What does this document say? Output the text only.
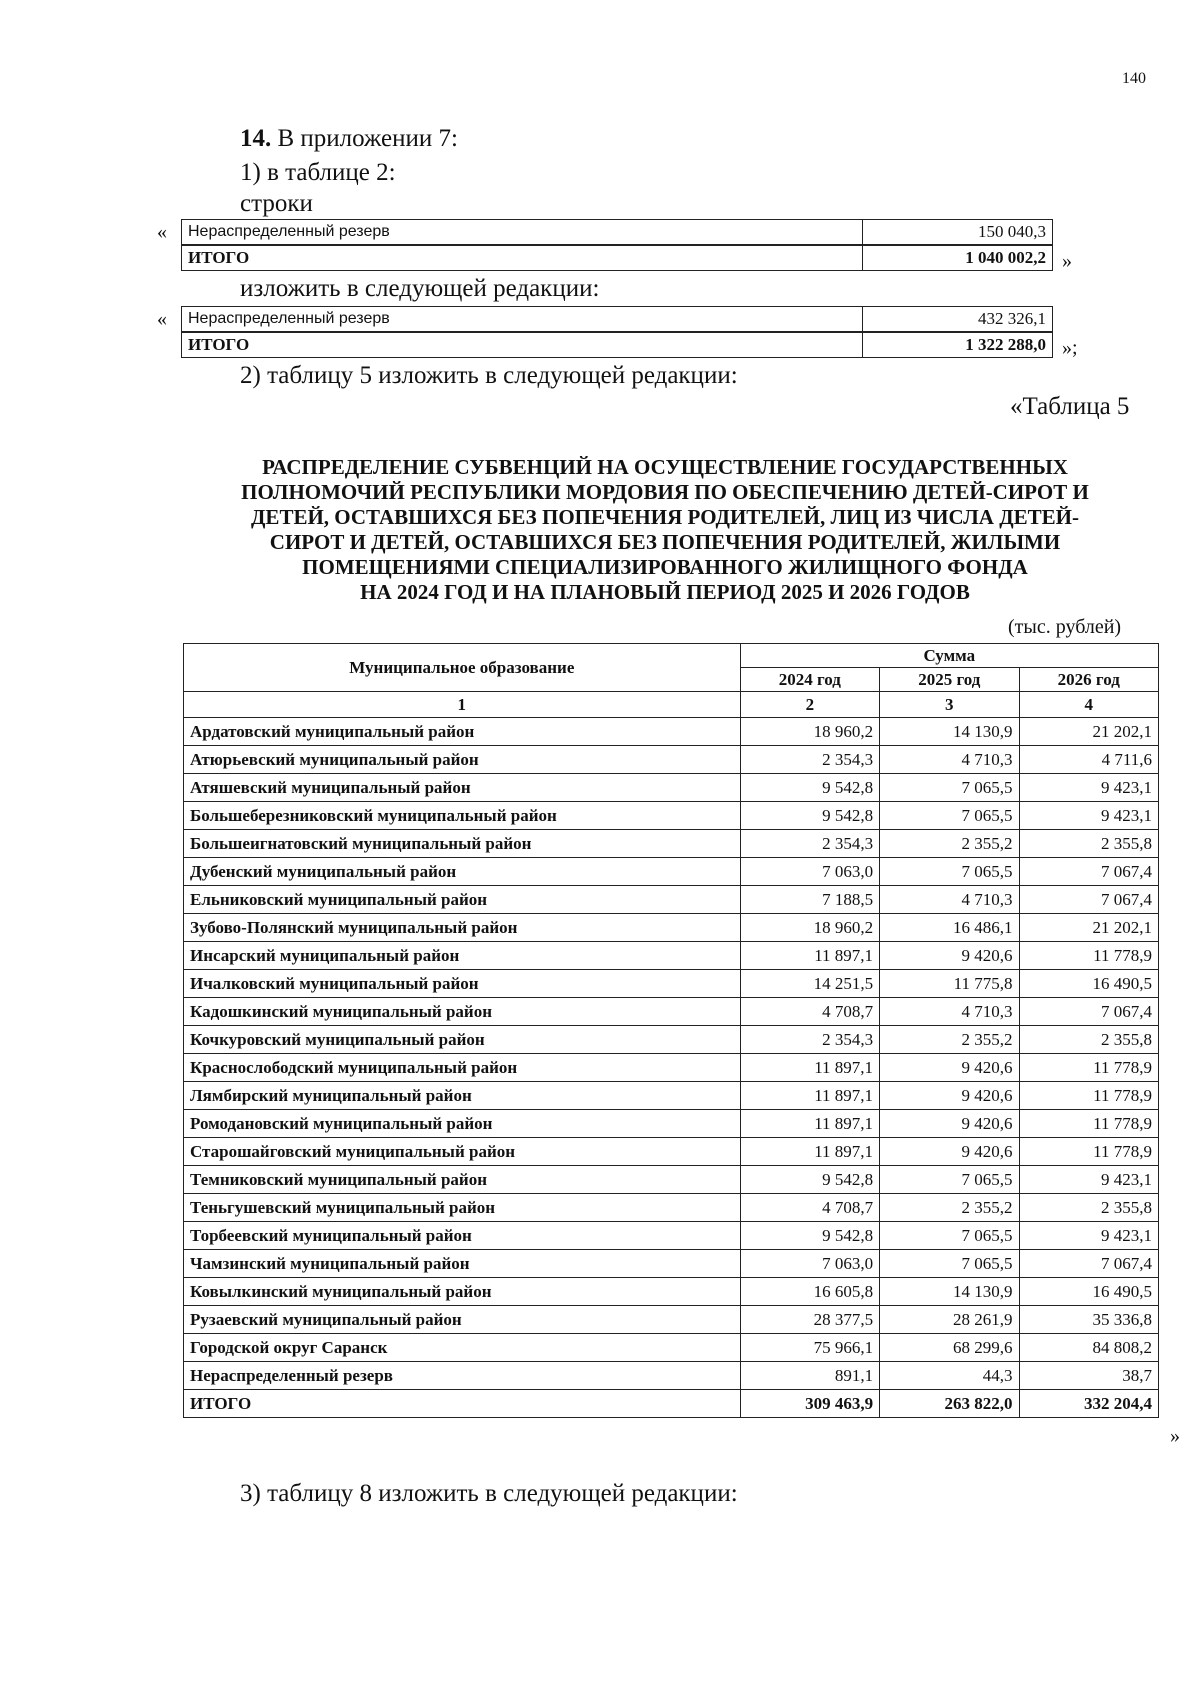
140
14. В приложении 7:
1) в таблице 2:
строки
« Нераспределенный резерв	150 040,3
ИТОГО	1 040 002,2 »
изложить в следующей редакции:
« Нераспределенный резерв	432 326,1
ИТОГО	1 322 288,0 »;
2) таблицу 5 изложить в следующей редакции:
«Таблица 5
РАСПРЕДЕЛЕНИЕ СУБВЕНЦИЙ НА ОСУЩЕСТВЛЕНИЕ ГОСУДАРСТВЕННЫХ
ПОЛНОМОЧИЙ РЕСПУБЛИКИ МОРДОВИЯ ПО ОБЕСПЕЧЕНИЮ ДЕТЕЙ-СИРОТ И
ДЕТЕЙ, ОСТАВШИХСЯ БЕЗ ПОПЕЧЕНИЯ РОДИТЕЛЕЙ, ЛИЦ ИЗ ЧИСЛА ДЕТЕЙ-
СИРОТ И ДЕТЕЙ, ОСТАВШИХСЯ БЕЗ ПОПЕЧЕНИЯ РОДИТЕЛЕЙ, ЖИЛЫМИ
ПОМЕЩЕНИЯМИ СПЕЦИАЛИЗИРОВАННОГО ЖИЛИЩНОГО ФОНДА
НА 2024 ГОД И НА ПЛАНОВЫЙ ПЕРИОД 2025 И 2026 ГОДОВ
(тыс. рублей)
Муниципальное образование	Сумма		
	2024 год	2025 год	2026 год
1	2	3	4
Ардатовский муниципальный район	18 960,2	14 130,9	21 202,1
Атюрьевский муниципальный район	2 354,3	4 710,3	4 711,6
Атяшевский муниципальный район	9 542,8	7 065,5	9 423,1
Большеберезниковский муниципальный район	9 542,8	7 065,5	9 423,1
Большеигнатовский муниципальный район	2 354,3	2 355,2	2 355,8
Дубенский муниципальный район	7 063,0	7 065,5	7 067,4
Ельниковский муниципальный район	7 188,5	4 710,3	7 067,4
Зубово-Полянский муниципальный район	18 960,2	16 486,1	21 202,1
Инсарский муниципальный район	11 897,1	9 420,6	11 778,9
Ичалковский муниципальный район	14 251,5	11 775,8	16 490,5
Кадошкинский муниципальный район	4 708,7	4 710,3	7 067,4
Кочкуровский муниципальный район	2 354,3	2 355,2	2 355,8
Краснослободский муниципальный район	11 897,1	9 420,6	11 778,9
Лямбирский муниципальный район	11 897,1	9 420,6	11 778,9
Ромодановский муниципальный район	11 897,1	9 420,6	11 778,9
Старошайговский муниципальный район	11 897,1	9 420,6	11 778,9
Темниковский муниципальный район	9 542,8	7 065,5	9 423,1
Теньгушевский муниципальный район	4 708,7	2 355,2	2 355,8
Торбеевский муниципальный район	9 542,8	7 065,5	9 423,1
Чамзинский муниципальный район	7 063,0	7 065,5	7 067,4
Ковылкинский муниципальный район	16 605,8	14 130,9	16 490,5
Рузаевский муниципальный район	28 377,5	28 261,9	35 336,8
Городской округ Саранск	75 966,1	68 299,6	84 808,2
Нераспределенный резерв	891,1	44,3	38,7
ИТОГО	309 463,9	263 822,0	332 204,4
»
3) таблицу 8 изложить в следующей редакции:
